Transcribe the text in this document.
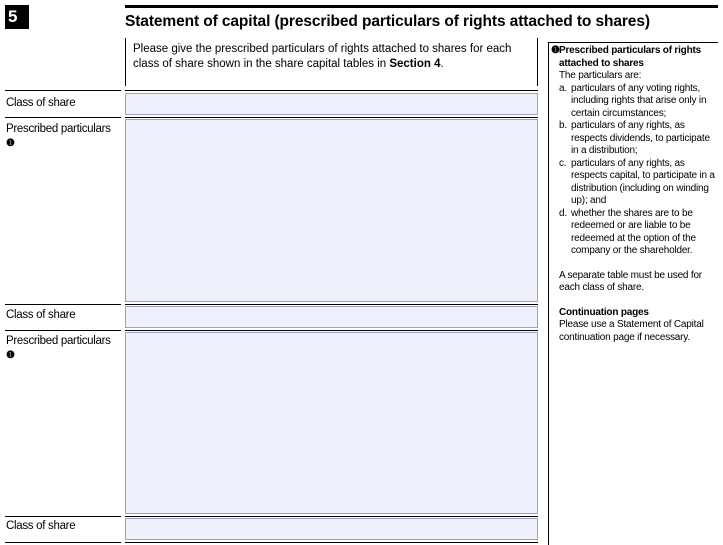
5	Statement of capital (prescribed particulars of rights attached to shares)
Please give the prescribed particulars of rights attached to shares for each class of share shown in the share capital tables in Section 4.
Class of share
Prescribed particulars
❶
Class of share
Prescribed particulars
❶
Class of share
❶ Prescribed particulars of rights attached to shares

The particulars are:

a. particulars of any voting rights, including rights that arise only in certain circumstances;
b. particulars of any rights, as respects dividends, to participate in a distribution;
c. particulars of any rights, as respects capital, to participate in a distribution (including on winding up); and
d. whether the shares are to be redeemed or are liable to be redeemed at the option of the company or the shareholder.

A separate table must be used for each class of share.

Continuation pages

Please use a Statement of Capital continuation page if necessary.
